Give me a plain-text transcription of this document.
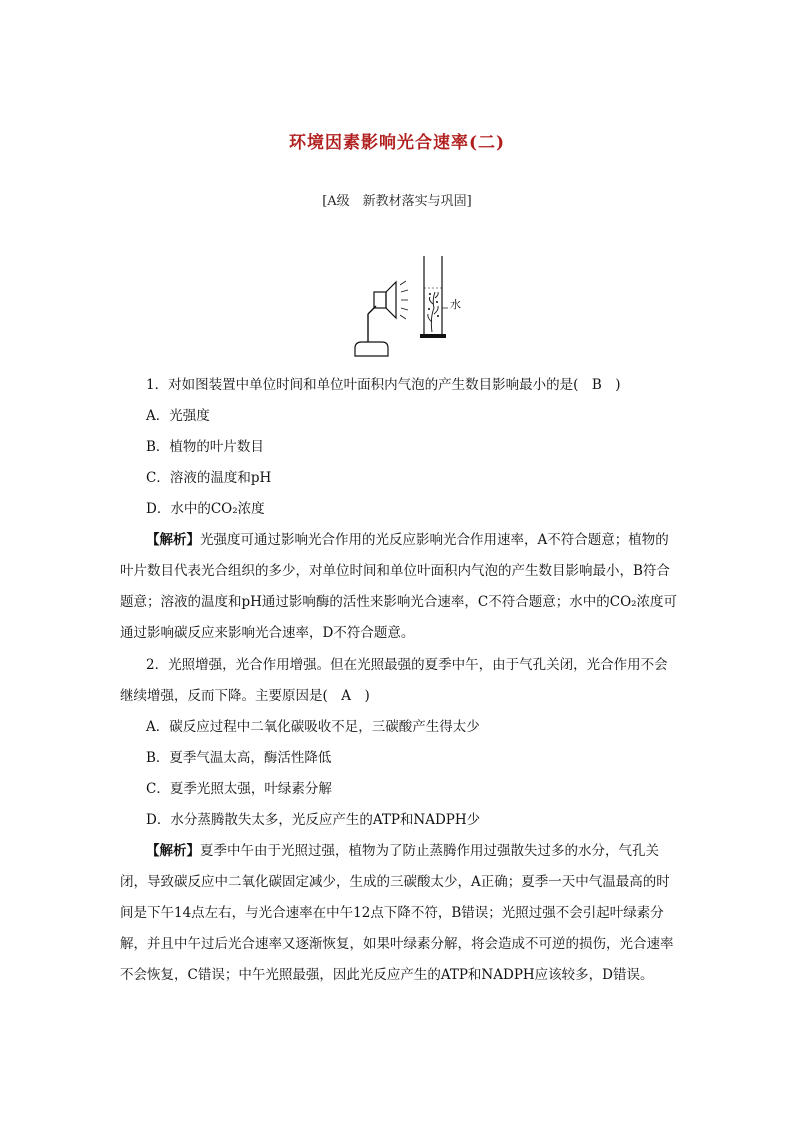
环境因素影响光合速率(二)
[A级　新教材落实与巩固]
水

1．对如图装置中单位时间和单位叶面积内气泡的产生数目影响最小的是(　B　)

A．光强度

B．植物的叶片数目

C．溶液的温度和pH

D．水中的CO₂浓度

【解析】光强度可通过影响光合作用的光反应影响光合作用速率，A不符合题意；植物的叶片数目代表光合组织的多少，对单位时间和单位叶面积内气泡的产生数目影响最小，B符合题意；溶液的温度和pH通过影响酶的活性来影响光合速率，C不符合题意；水中的CO₂浓度可通过影响碳反应来影响光合速率，D不符合题意。

2．光照增强，光合作用增强。但在光照最强的夏季中午，由于气孔关闭，光合作用不会继续增强，反而下降。主要原因是(　A　)

A．碳反应过程中二氧化碳吸收不足，三碳酸产生得太少

B．夏季气温太高，酶活性降低

C．夏季光照太强，叶绿素分解

D．水分蒸腾散失太多，光反应产生的ATP和NADPH少

【解析】夏季中午由于光照过强，植物为了防止蒸腾作用过强散失过多的水分，气孔关闭，导致碳反应中二氧化碳固定减少，生成的三碳酸太少，A正确；夏季一天中气温最高的时间是下午14点左右，与光合速率在中午12点下降不符，B错误；光照过强不会引起叶绿素分解，并且中午过后光合速率又逐渐恢复，如果叶绿素分解，将会造成不可逆的损伤，光合速率不会恢复，C错误；中午光照最强，因此光反应产生的ATP和NADPH应该较多，D错误。
